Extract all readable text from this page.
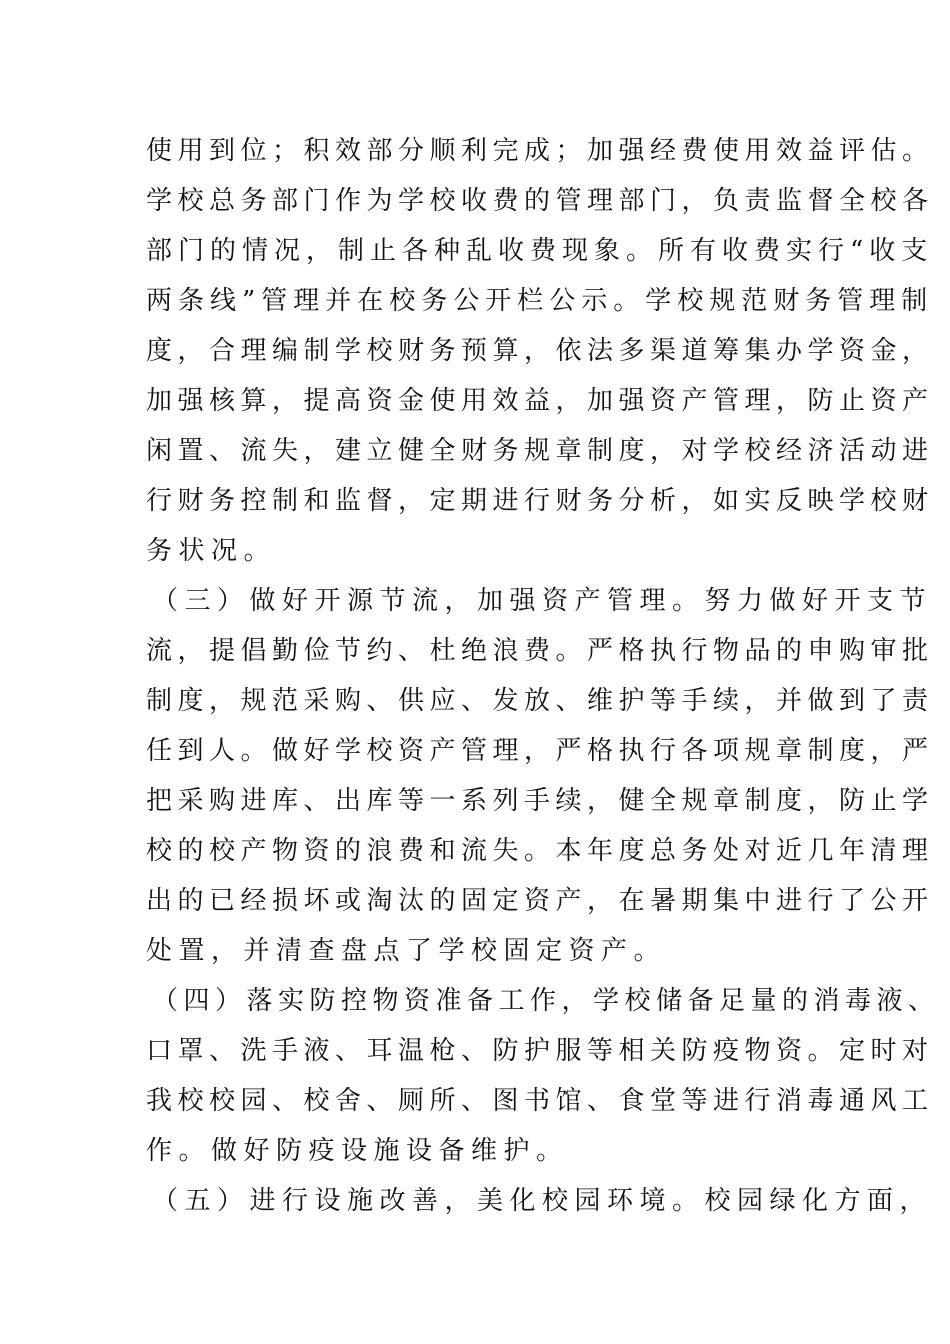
使用到位；积效部分顺利完成；加强经费使用效益评估。
学校总务部门作为学校收费的管理部门，负责监督全校各
部门的情况，制止各种乱收费现象。所有收费实行“收支
两条线”管理并在校务公开栏公示。学校规范财务管理制
度，合理编制学校财务预算，依法多渠道筹集办学资金，
加强核算，提高资金使用效益，加强资产管理，防止资产
闲置、流失，建立健全财务规章制度，对学校经济活动进
行财务控制和监督，定期进行财务分析，如实反映学校财
务状况。
（三）做好开源节流，加强资产管理。努力做好开支节
流，提倡勤俭节约、杜绝浪费。严格执行物品的申购审批
制度，规范采购、供应、发放、维护等手续，并做到了责
任到人。做好学校资产管理，严格执行各项规章制度，严
把采购进库、出库等一系列手续，健全规章制度，防止学
校的校产物资的浪费和流失。本年度总务处对近几年清理
出的已经损坏或淘汰的固定资产，在暑期集中进行了公开
处置，并清查盘点了学校固定资产。
（四）落实防控物资准备工作，学校储备足量的消毒液、
口罩、洗手液、耳温枪、防护服等相关防疫物资。定时对
我校校园、校舍、厕所、图书馆、食堂等进行消毒通风工
作。做好防疫设施设备维护。
（五）进行设施改善，美化校园环境。校园绿化方面，
